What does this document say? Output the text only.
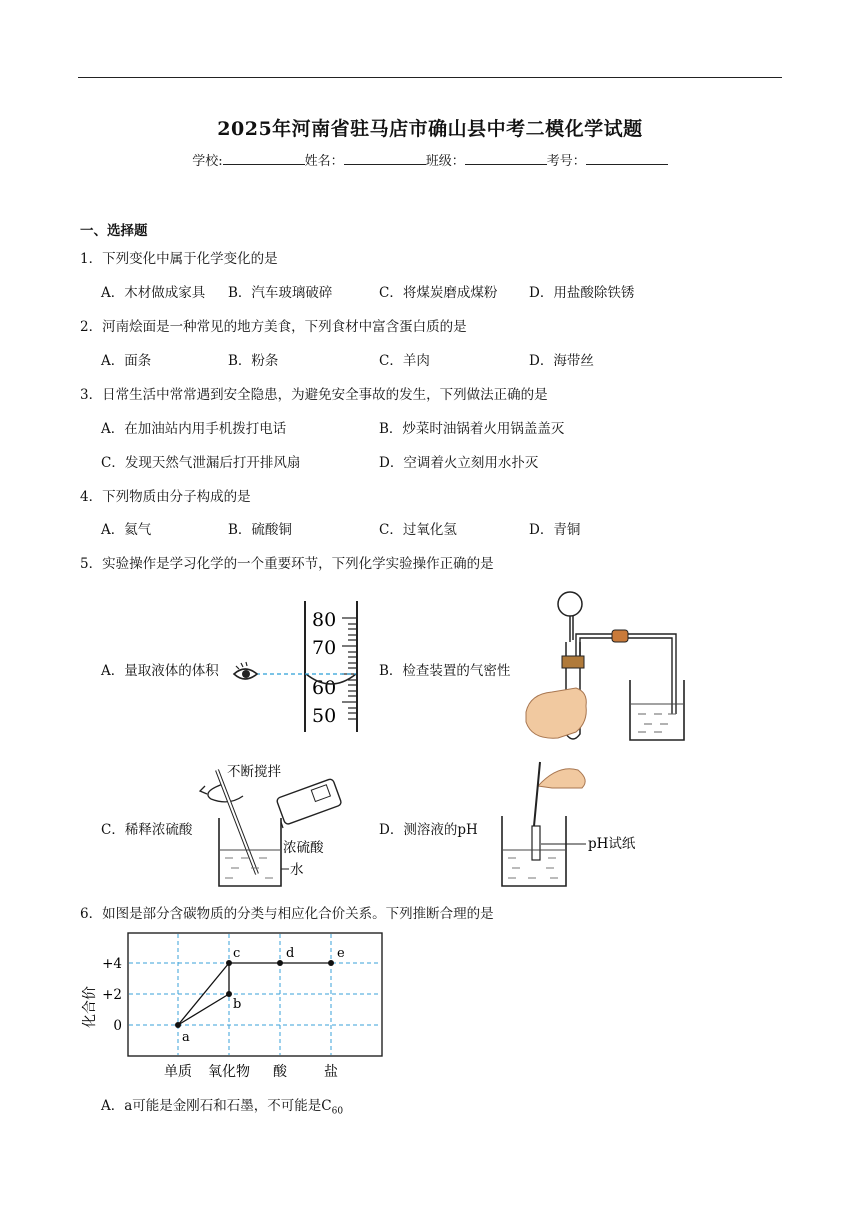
2025年河南省驻马店市确山县中考二模化学试题
学校:	姓名：	班级：	考号：
一、选择题
1．下列变化中属于化学变化的是
A．木材做成家具 B．汽车玻璃破碎	C．将煤炭磨成煤粉 D．用盐酸除铁锈
2．河南烩面是一种常见的地方美食，下列食材中富含蛋白质的是
A．面条	B．粉条	C．羊肉	D．海带丝
3．日常生活中常常遇到安全隐患，为避免安全事故的发生，下列做法正确的是
A．在加油站内用手机拨打电话	B．炒菜时油锅着火用锅盖盖灭
C．发现天然气泄漏后打开排风扇	D．空调着火立刻用水扑灭
4．下列物质由分子构成的是
A．氦气	B．硫酸铜	C．过氧化氢	D．青铜
5．实验操作是学习化学的一个重要环节，下列化学实验操作正确的是
A．量取液体的体积	B．检查装置的气密性
C．稀释浓硫酸	D．测溶液的pH
80
70
60
50
不断搅拌
浓硫酸
水
pH试纸
6．如图是部分含碳物质的分类与相应化合价关系。下列推断合理的是
化合价
+4
+2
0
单质 氧化物 酸	盐
a
b
c	d	e
A．a可能是金刚石和石墨，不可能是$C_{60}$
